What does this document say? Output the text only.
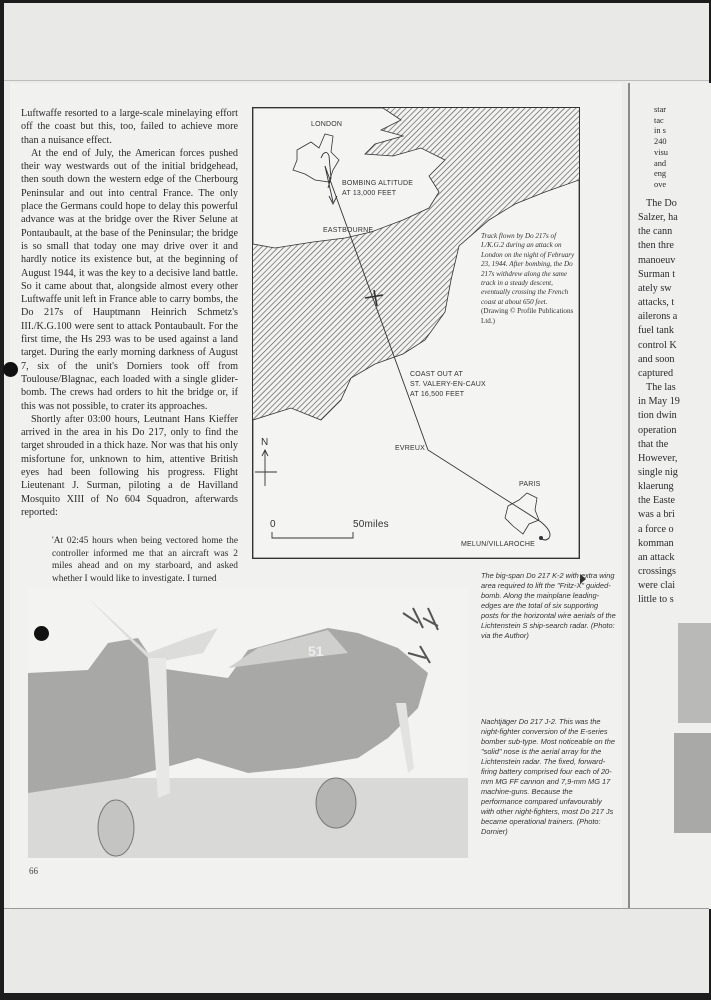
star
tac
in s
240
visu
and
eng
ove
The Do
Salzer, ha
the cann
then thre
manoeuv
Surman t
ately sw
attacks, t
ailerons a
fuel tank
control K
and soon
captured
The las
in May 19
tion dwin
operation
that the
However,
single nig
klaerung
the Easte
was a bri
a force o
komman
an attack
crossings
were clai
little to s
LONDON
BOMBING ALTITUDE
AT 13,000 FEET
EASTBOURNE
COAST OUT AT
ST. VALERY-EN-CAUX
AT 16,500 FEET
EVREUX
PARIS
MELUN/VILLAROCHE
N
0	50miles
Track flown by Do 217s of I./K.G.2 during an attack on London on the night of February 23, 1944. After bombing, the Do 217s withdrew along the same track in a steady descent, eventually crossing the French coast at about 650 feet.
(Drawing © Profile Publications Ltd.)
51

Luftwaffe resorted to a large-scale minelaying effort off the coast but this, too, failed to achieve more than a nuisance effect.

At the end of July, the American forces pushed their way westwards out of the initial bridgehead, then south down the western edge of the Cherbourg Peninsular and out into central France. The only place the Germans could hope to delay this powerful advance was at the bridge over the River Selune at Pontaubault, at the base of the Peninsular; the bridge is so small that today one may drive over it and hardly notice its existence but, at the beginning of August 1944, it was the key to a decisive land battle. So it came about that, alongside almost every other Luftwaffe unit left in France able to carry bombs, the Do 217s of Hauptmann Heinrich Schmetz's III./K.G.100 were sent to attack Pontaubault. For the first time, the Hs 293 was to be used against a land target. During the early morning darkness of August 7, six of the unit's Dorniers took off from Toulouse/Blagnac, each loaded with a single glider-bomb. The crews had orders to hit the bridge or, if this was not possible, to crater its approaches.

Shortly after 03:00 hours, Leutnant Hans Kieffer arrived in the area in his Do 217, only to find the target shrouded in a thick haze. Nor was that his only misfortune for, unknown to him, attentive British eyes had been following his progress. Flight Lieutenant J. Surman, piloting a de Havilland Mosquito XIII of No 604 Squadron, afterwards reported:

'At 02:45 hours when being vectored home the controller informed me that an aircraft was 2 miles ahead and on my starboard, and asked whether I would like to investigate. I turned	The big-span Do 217 K-2 with extra wing area required to lift the "Fritz-X" guided-bomb. Along the mainplane leading-edges are the total of six supporting posts for the horizontal wire aerials of the Lichtenstein S ship-search radar. (Photo: via the Author)
Nachtjäger Do 217 J-2. This was the night-fighter conversion of the E-series bomber sub-type. Most noticeable on the "solid" nose is the aerial array for the Lichtenstein radar. The fixed, forward-firing battery comprised four each of 20-mm MG FF cannon and 7,9-mm MG 17 machine-guns. Because the performance compared unfavourably with other night-fighters, most Do 217 Js became operational trainers. (Photo: Dornier)
66
